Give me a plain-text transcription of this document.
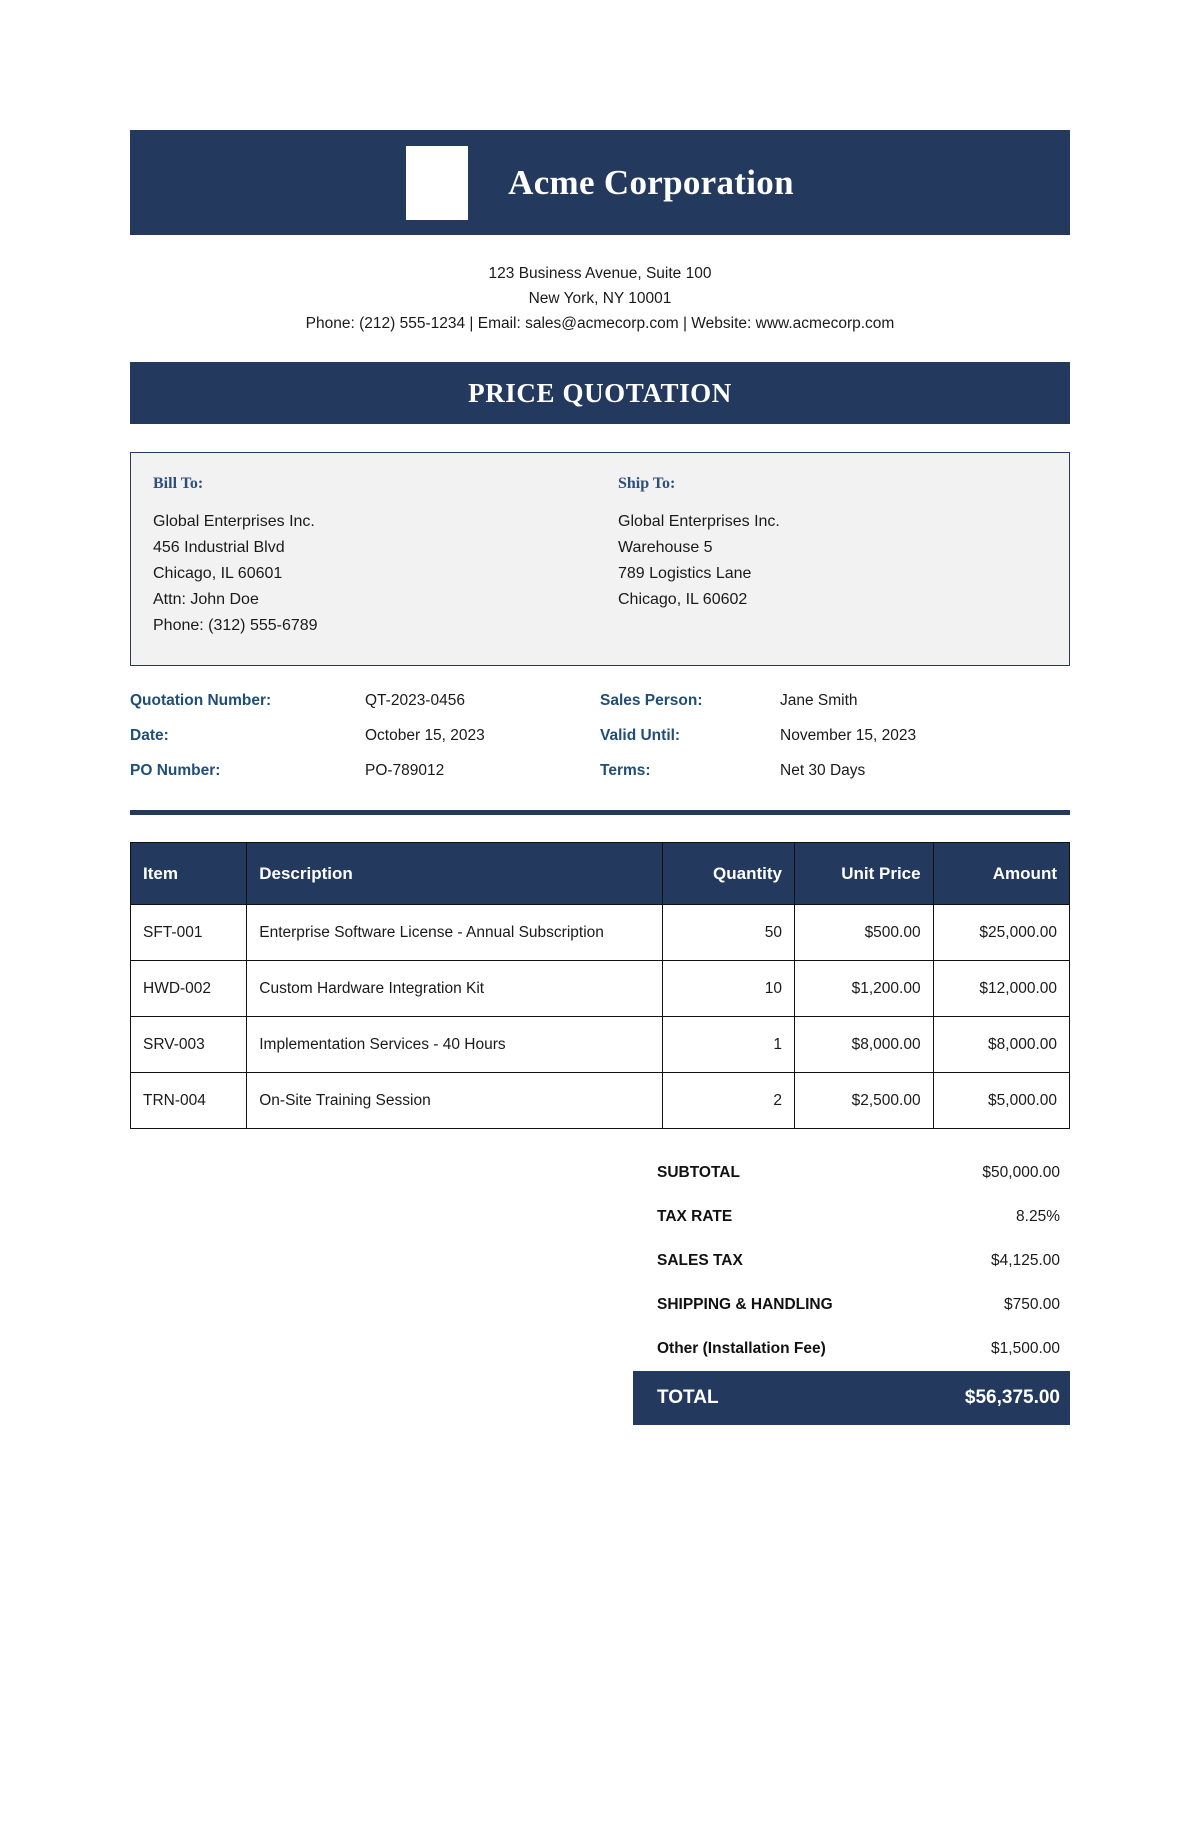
Acme Corporation
123 Business Avenue, Suite 100
New York, NY 10001
Phone: (212) 555-1234 | Email: sales@acmecorp.com | Website: www.acmecorp.com
PRICE QUOTATION
Bill To:
Global Enterprises Inc.
456 Industrial Blvd
Chicago, IL 60601
Attn: John Doe
Phone: (312) 555-6789
Ship To:
Global Enterprises Inc.
Warehouse 5
789 Logistics Lane
Chicago, IL 60602
Quotation Number:	QT-2023-0456	Sales Person:	Jane Smith
Date:	October 15, 2023	Valid Until:	November 15, 2023
PO Number:	PO-789012	Terms:	Net 30 Days
Item	Description	Quantity	Unit Price	Amount
SFT-001	Enterprise Software License - Annual Subscription	50	$500.00	$25,000.00
HWD-002	Custom Hardware Integration Kit	10	$1,200.00	$12,000.00
SRV-003	Implementation Services - 40 Hours	1	$8,000.00	$8,000.00
TRN-004	On-Site Training Session	2	$2,500.00	$5,000.00
SUBTOTAL	$50,000.00
TAX RATE	8.25%
SALES TAX	$4,125.00
SHIPPING & HANDLING	$750.00
Other (Installation Fee)	$1,500.00
TOTAL	$56,375.00
